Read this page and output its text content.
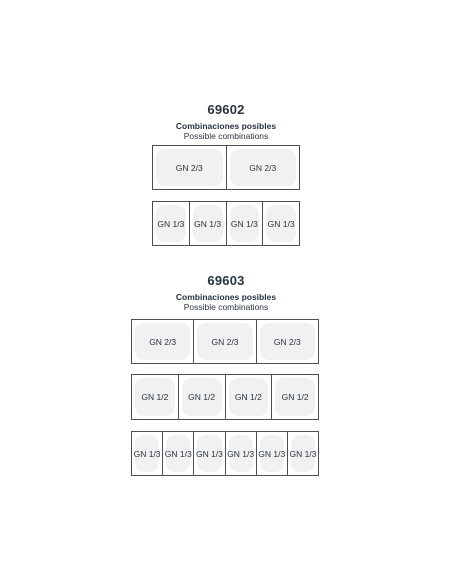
69602
Combinaciones posibles
Possible combinations
GN 2/3	GN 2/3
GN 1/3	GN 1/3	GN 1/3	GN 1/3
69603
Combinaciones posibles
Possible combinations
GN 2/3	GN 2/3	GN 2/3
GN 1/2	GN 1/2	GN 1/2	GN 1/2
GN 1/3 GN 1/3 GN 1/3 GN 1/3 GN 1/3 GN 1/3
